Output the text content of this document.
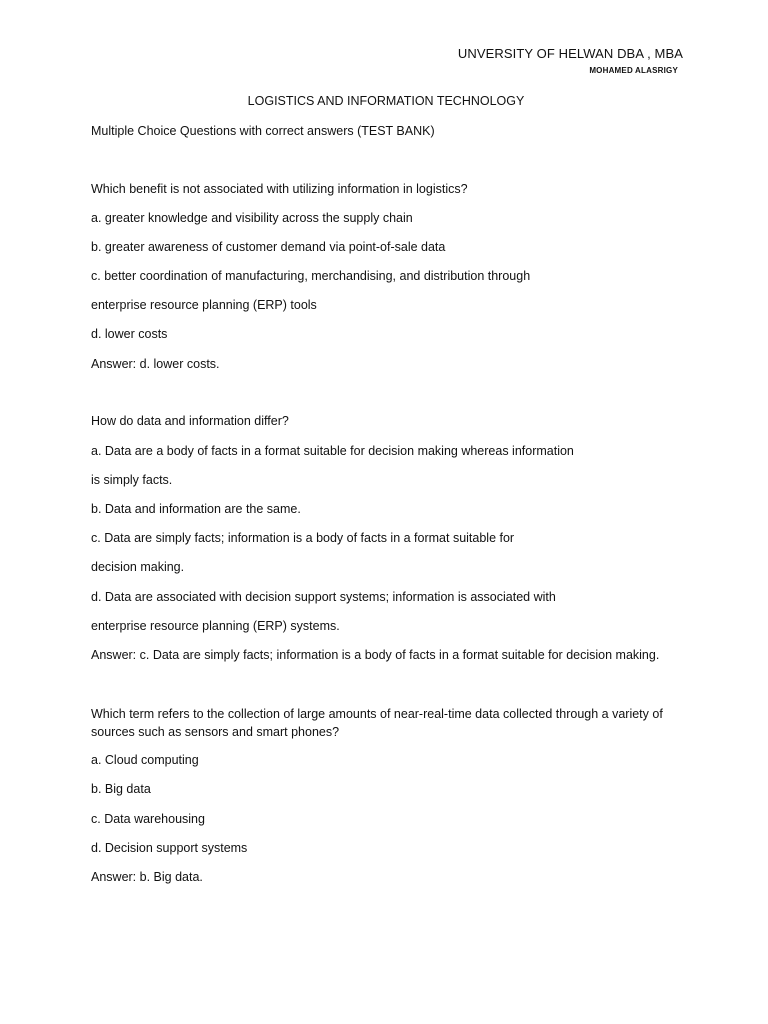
UNVERSITY OF HELWAN DBA , MBA
MOHAMED ALASRIGY
LOGISTICS AND INFORMATION TECHNOLOGY
Multiple Choice Questions with correct answers (TEST BANK)
Which benefit is not associated with utilizing information in logistics?
a. greater knowledge and visibility across the supply chain
b. greater awareness of customer demand via point-of-sale data
c. better coordination of manufacturing, merchandising, and distribution through
enterprise resource planning (ERP) tools
d. lower costs
Answer: d. lower costs.
How do data and information differ?
a. Data are a body of facts in a format suitable for decision making whereas information
is simply facts.
b. Data and information are the same.
c. Data are simply facts; information is a body of facts in a format suitable for
decision making.
d. Data are associated with decision support systems; information is associated with
enterprise resource planning (ERP) systems.
Answer: c. Data are simply facts; information is a body of facts in a format suitable for decision making.
Which term refers to the collection of large amounts of near-real-time data collected through a variety of sources such as sensors and smart phones?
a. Cloud computing
b. Big data
c. Data warehousing
d. Decision support systems
Answer: b. Big data.
